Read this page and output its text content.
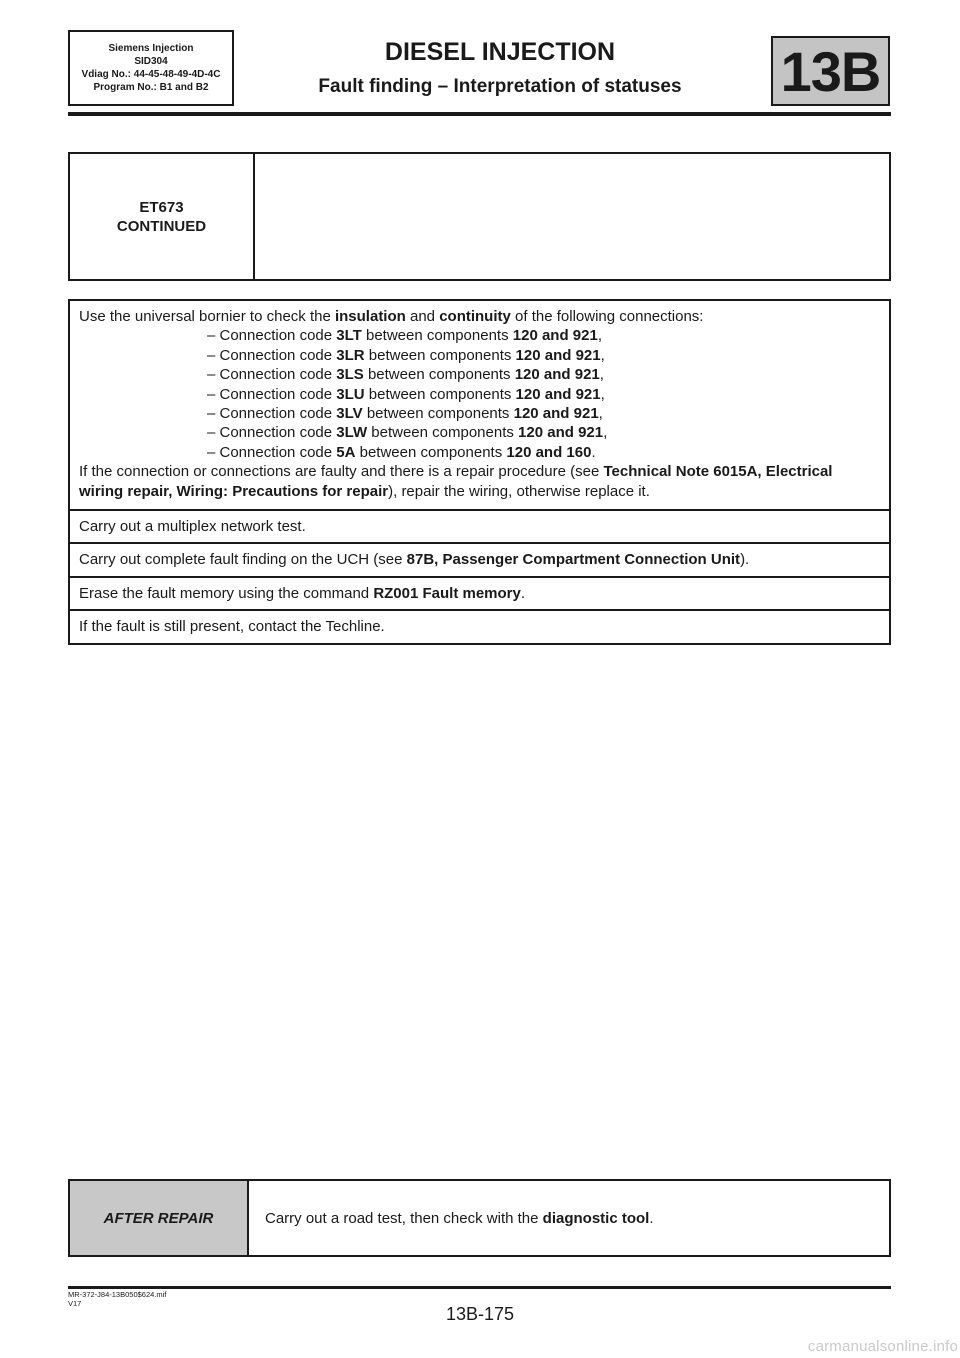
Siemens Injection
SID304
Vdiag No.: 44-45-48-49-4D-4C
Program No.: B1 and B2
DIESEL INJECTION
Fault finding – Interpretation of statuses	13B
ET673
CONTINUED
Use the universal bornier to check the insulation and continuity of the following connections:
– Connection code 3LT between components 120 and 921,
– Connection code 3LR between components 120 and 921,
– Connection code 3LS between components 120 and 921,
– Connection code 3LU between components 120 and 921,
– Connection code 3LV between components 120 and 921,
– Connection code 3LW between components 120 and 921,
– Connection code 5A between components 120 and 160.
If the connection or connections are faulty and there is a repair procedure (see Technical Note 6015A, Electrical wiring repair, Wiring: Precautions for repair), repair the wiring, otherwise replace it.
Carry out a multiplex network test.
Carry out complete fault finding on the UCH (see 87B, Passenger Compartment Connection Unit).
Erase the fault memory using the command RZ001 Fault memory.
If the fault is still present, contact the Techline.
AFTER REPAIR	Carry out a road test, then check with the
diagnostic tool .
MR-372-J84-13B050$624.mif
V17
13B-175
carmanualsonline.info
